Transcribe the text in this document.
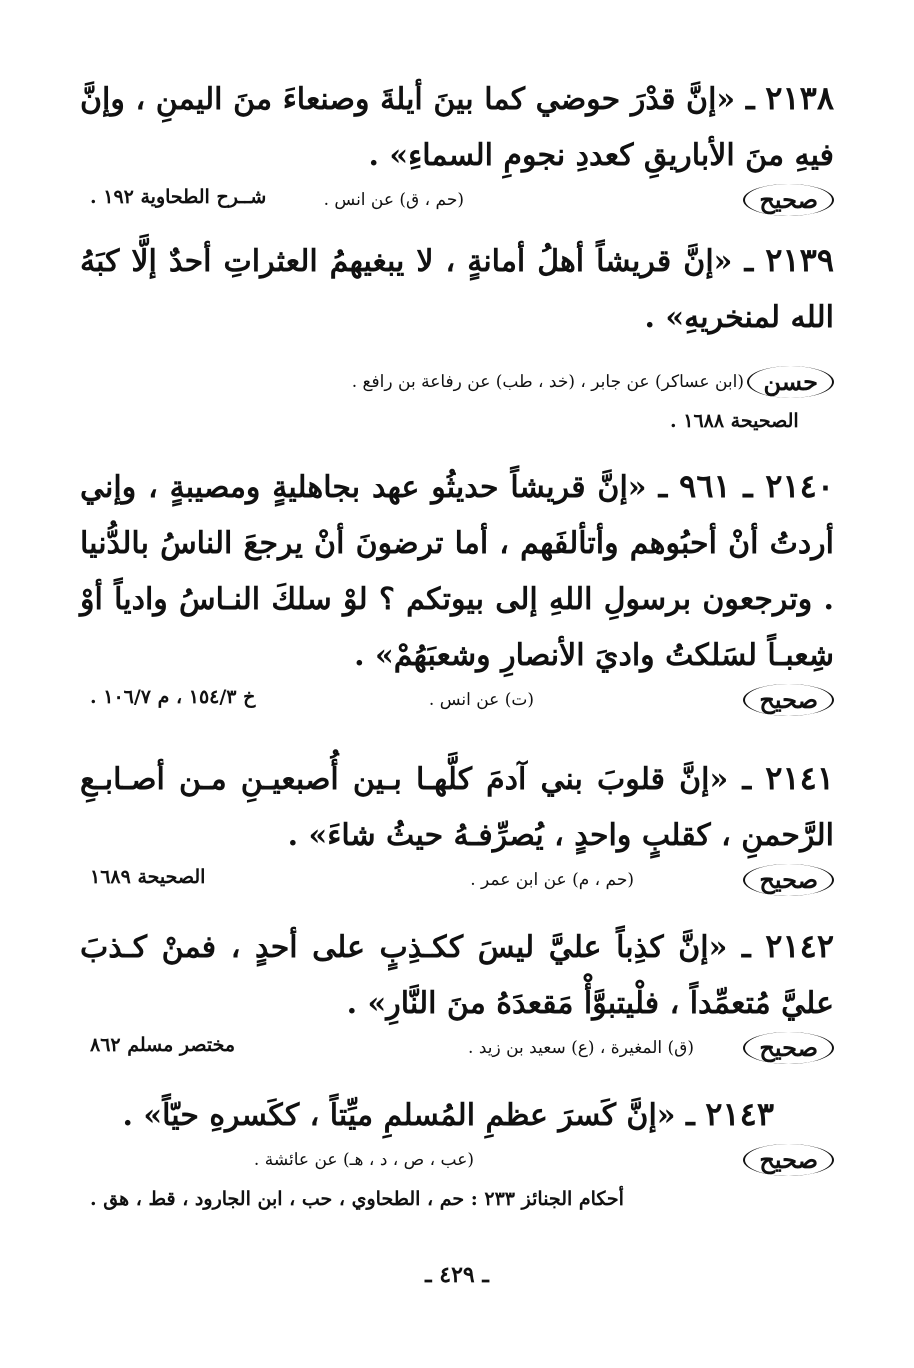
٢١٣٨ ـ «إنَّ قدْرَ حوضي كما بينَ أيلةَ وصنعاءَ منَ اليمنِ ، وإنَّ فيهِ منَ الأباريقِ كعددِ نجومِ السماءِ» .
صحيح
(حم ، ق) عن انس .
شــرح الطحاوية ١٩٢ .
٢١٣٩ ـ «إنَّ قريشاً أهلُ أمانةٍ ، لا يبغيهمُ العثراتِ أحدٌ إلَّا كبَهُ الله لمنخريهِ» .
حسن
(ابن عساكر) عن جابر ، (خد ، طب) عن رفاعة بن رافع .
الصحيحة ١٦٨٨ .
٢١٤٠ ـ ٩٦١ ـ «إنَّ قريشاً حديثُو عهد بجاهليةٍ ومصيبةٍ ، وإني أردتُ أنْ أحبُوهم وأتألفَهم ، أما ترضونَ أنْ يرجعَ الناسُ بالدُّنيا . وترجعون برسولِ اللهِ إلى بيوتكم ؟ لوْ سلكَ النـاسُ وادياً أوْ شِعبـاً لسَلكتُ واديَ الأنصارِ وشعبَهُمْ» .
صحيح
(ت) عن انس .
خ ١٥٤/٣ ، م ١٠٦/٧ .
٢١٤١ ـ «إنَّ قلوبَ بني آدمَ كلَّهـا بـين أُصبعيـنِ مـن أصـابـعِ الرَّحمنِ ، كقلبٍ واحدٍ ، يُصرِّفـهُ حيثُ شاءَ» .
صحيح
(حم ، م) عن ابن عمر .
الصحيحة ١٦٨٩
٢١٤٢ ـ «إنَّ كذِباً عليَّ ليسَ ككـذِبٍ على أحدٍ ، فمنْ كـذبَ عليَّ مُتعمِّداً ، فلْيتبوَّأْ مَقعدَهُ منَ النَّارِ» .
صحيح
(ق) المغيرة ، (ع) سعيد بن زيد .
مختصر مسلم ٨٦٢
٢١٤٣ ـ «إنَّ كَسرَ عظمِ المُسلمِ ميِّتاً ، ككَسرهِ حيّاً» .
صحيح
(عب ، ص ، د ، هـ) عن عائشة .
أحكام الجنائز ٢٣٣ : حم ، الطحاوي ، حب ، ابن الجارود ، قط ، هق .
ـ ٤٢٩ ـ
